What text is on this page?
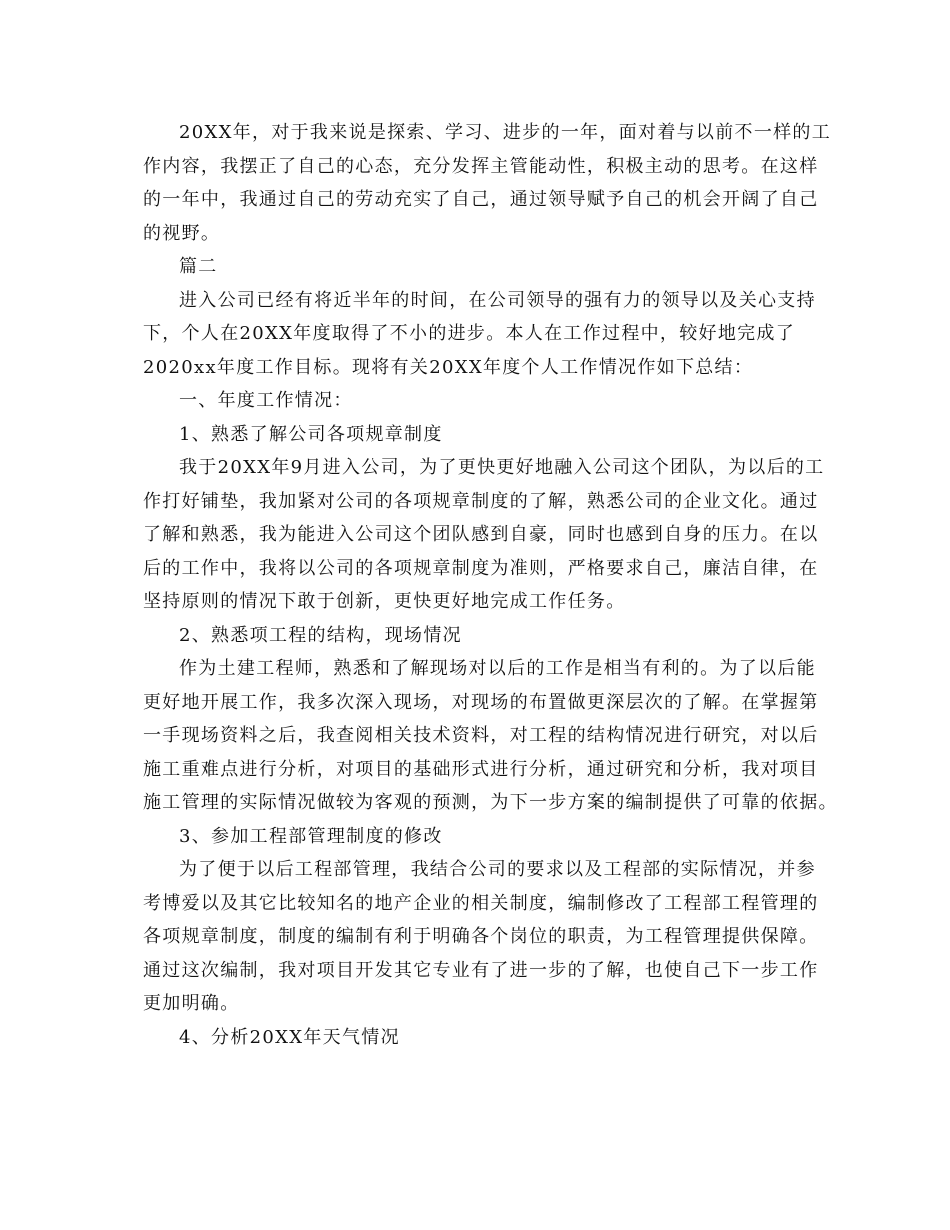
20XX年，对于我来说是探索、学习、进步的一年，面对着与以前不一样的工
作内容，我摆正了自己的心态，充分发挥主管能动性，积极主动的思考。在这样
的一年中，我通过自己的劳动充实了自己，通过领导赋予自己的机会开阔了自己
的视野。
篇二
进入公司已经有将近半年的时间，在公司领导的强有力的领导以及关心支持
下，个人在20XX年度取得了不小的进步。本人在工作过程中，较好地完成了
2020xx年度工作目标。现将有关20XX年度个人工作情况作如下总结：
一、年度工作情况：
1、熟悉了解公司各项规章制度
我于20XX年9月进入公司，为了更快更好地融入公司这个团队，为以后的工
作打好铺垫，我加紧对公司的各项规章制度的了解，熟悉公司的企业文化。通过
了解和熟悉，我为能进入公司这个团队感到自豪，同时也感到自身的压力。在以
后的工作中，我将以公司的各项规章制度为准则，严格要求自己，廉洁自律，在
坚持原则的情况下敢于创新，更快更好地完成工作任务。
2、熟悉项工程的结构，现场情况
作为土建工程师，熟悉和了解现场对以后的工作是相当有利的。为了以后能
更好地开展工作，我多次深入现场，对现场的布置做更深层次的了解。在掌握第
一手现场资料之后，我查阅相关技术资料，对工程的结构情况进行研究，对以后
施工重难点进行分析，对项目的基础形式进行分析，通过研究和分析，我对项目
施工管理的实际情况做较为客观的预测，为下一步方案的编制提供了可靠的依据。
3、参加工程部管理制度的修改
为了便于以后工程部管理，我结合公司的要求以及工程部的实际情况，并参
考博爱以及其它比较知名的地产企业的相关制度，编制修改了工程部工程管理的
各项规章制度，制度的编制有利于明确各个岗位的职责，为工程管理提供保障。
通过这次编制，我对项目开发其它专业有了进一步的了解，也使自己下一步工作
更加明确。
4、分析20XX年天气情况
